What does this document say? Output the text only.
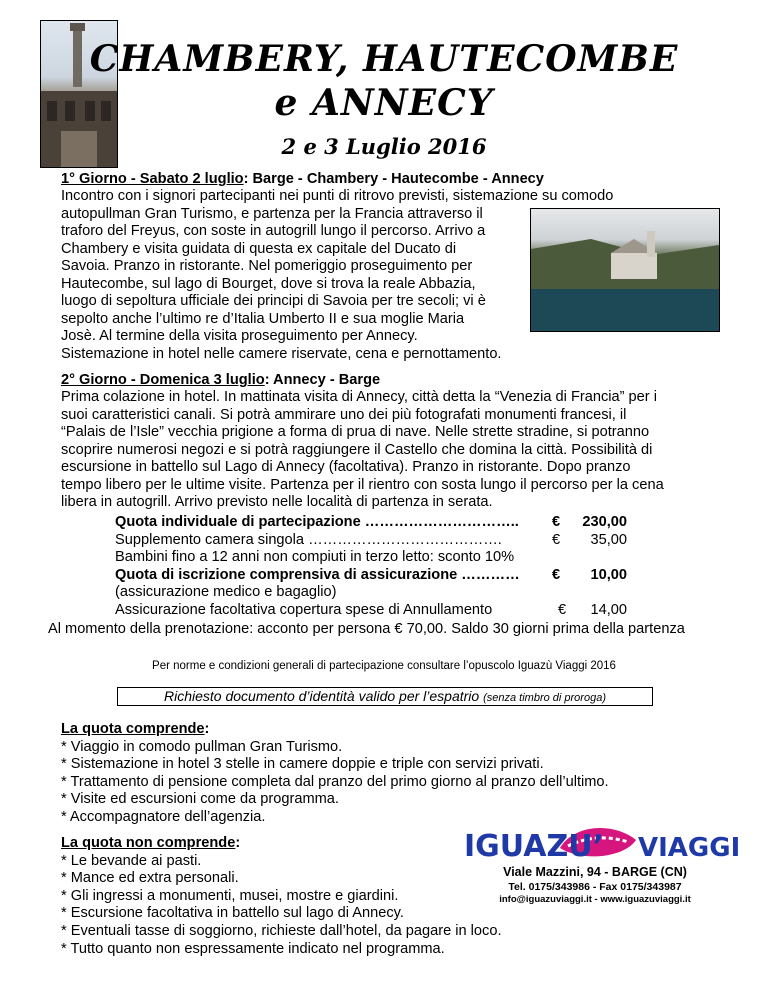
CHAMBERY, HAUTECOMBE
e ANNECY
2 e 3 Luglio 2016
1° Giorno - Sabato 2 luglio: Barge - Chambery - Hautecombe - Annecy
Incontro con i signori partecipanti nei punti di ritrovo previsti, sistemazione su comodo
autopullman Gran Turismo, e partenza per la Francia attraverso il
traforo del Freyus, con soste in autogrill lungo il percorso. Arrivo a
Chambery e visita guidata di questa ex capitale del Ducato di
Savoia. Pranzo in ristorante. Nel pomeriggio proseguimento per
Hautecombe, sul lago di Bourget, dove si trova la reale Abbazia,
luogo di sepoltura ufficiale dei principi di Savoia per tre secoli; vi è
sepolto anche l’ultimo re d’Italia Umberto II e sua moglie Maria
Josè. Al termine della visita proseguimento per Annecy.
Sistemazione in hotel nelle camere riservate, cena e pernottamento.
2° Giorno - Domenica 3 luglio: Annecy - Barge
Prima colazione in hotel. In mattinata visita di Annecy, città detta la “Venezia di Francia” per i
suoi caratteristici canali. Si potrà ammirare uno dei più fotografati monumenti francesi, il
“Palais de l’Isle” vecchia prigione a forma di prua di nave. Nelle strette stradine, si potranno
scoprire numerosi negozi e si potrà raggiungere il Castello che domina la città. Possibilità di
escursione in battello sul Lago di Annecy (facoltativa). Pranzo in ristorante. Dopo pranzo
tempo libero per le ultime visite. Partenza per il rientro con sosta lungo il percorso per la cena
libera in autogrill. Arrivo previsto nelle località di partenza in serata.
Quota individuale di partecipazione ………………………….. € 230,00
Supplemento camera singola ………………………………….	€ 35,00
Bambini fino a 12 anni non compiuti in terzo letto: sconto 10%
Quota di iscrizione comprensiva di assicurazione ………… € 10,00
(assicurazione medico e bagaglio)
Assicurazione facoltativa copertura spese di Annullamento	€ 14,00
Al momento della prenotazione: acconto per persona € 70,00. Saldo 30 giorni prima della partenza
Per norme e condizioni generali di partecipazione consultare l’opuscolo Iguazù Viaggi 2016
Richiesto documento d’identità valido per l’espatrio (senza timbro di proroga)
La quota comprende:
* Viaggio in comodo pullman Gran Turismo.
* Sistemazione in hotel 3 stelle in camere doppie e triple con servizi privati.
* Trattamento di pensione completa dal pranzo del primo giorno al pranzo dell’ultimo.
* Visite ed escursioni come da programma.
* Accompagnatore dell’agenzia.
La quota non comprende:
* Le bevande ai pasti.
* Mance ed extra personali.
* Gli ingressi a monumenti, musei, mostre e giardini.
* Escursione facoltativa in battello sul lago di Annecy.
* Eventuali tasse di soggiorno, richieste dall’hotel, da pagare in loco.
* Tutto quanto non espressamente indicato nel programma.
IGUAZU’ VIAGGI
Viale Mazzini, 94 - BARGE (CN)
Tel. 0175/343986 - Fax 0175/343987
info@iguazuviaggi.it - www.iguazuviaggi.it
